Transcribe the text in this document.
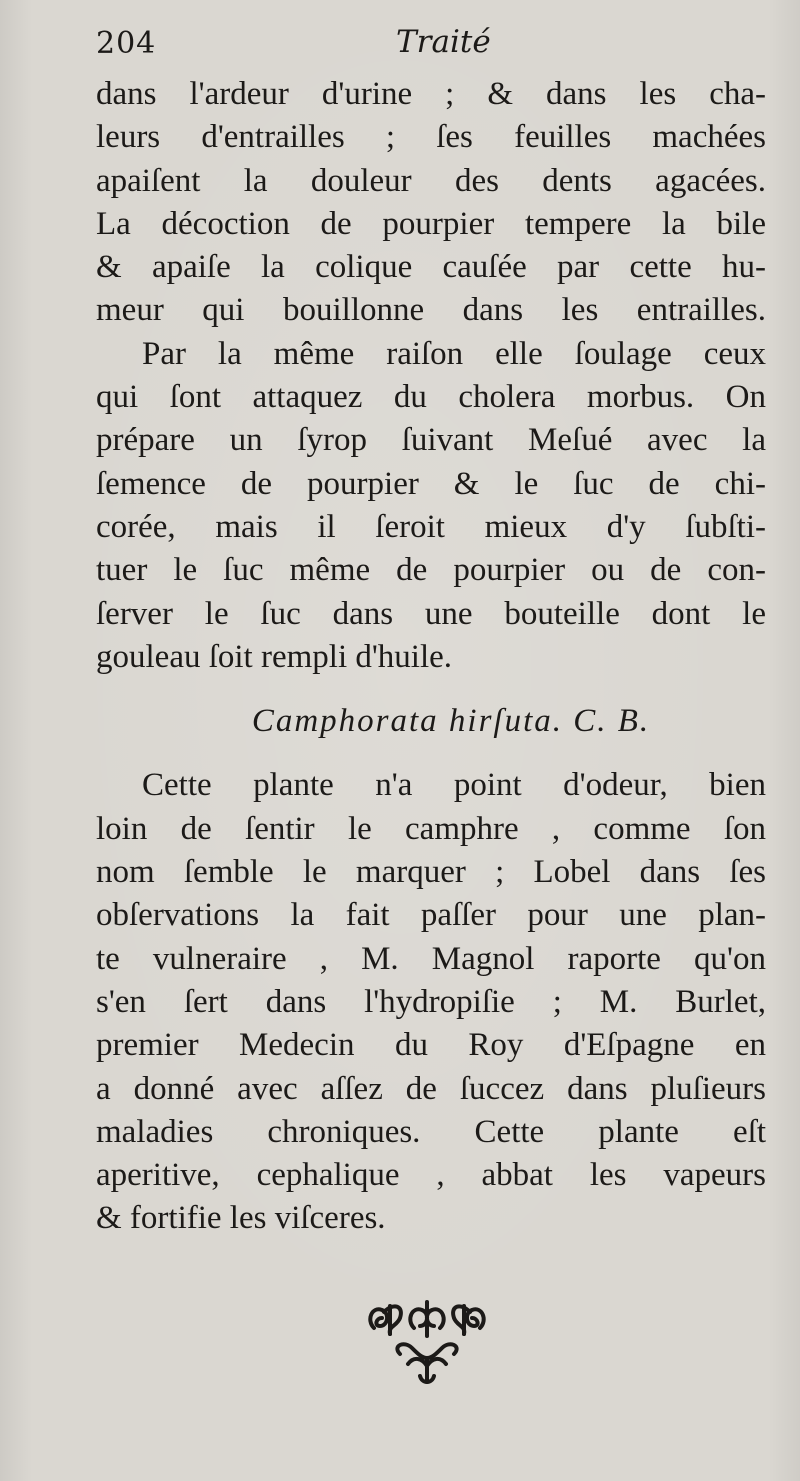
204	Traité
dans l'ardeur d'urine ; & dans les cha-
leurs d'entrailles ; ſes feuilles machées
apaiſent la douleur des dents agacées.
La décoction de pourpier tempere la bile
& apaiſe la colique cauſée par cette hu-
meur qui bouillonne dans les entrailles.
Par la même raiſon elle ſoulage ceux
qui ſont attaquez du cholera morbus. On
prépare un ſyrop ſuivant Meſué avec la
ſemence de pourpier & le ſuc de chi-
corée, mais il ſeroit mieux d'y ſubſti-
tuer le ſuc même de pourpier ou de con-
ſerver le ſuc dans une bouteille dont le
gouleau ſoit rempli d'huile.
Camphorata hirſuta. C. B.
Cette plante n'a point d'odeur, bien
loin de ſentir le camphre , comme ſon
nom ſemble le marquer ; Lobel dans ſes
obſervations la fait paſſer pour une plan-
te vulneraire , M. Magnol raporte qu'on
s'en ſert dans l'hydropiſie ; M. Burlet,
premier Medecin du Roy d'Eſpagne en
a donné avec aſſez de ſuccez dans pluſieurs
maladies chroniques. Cette plante eſt
aperitive, cephalique , abbat les vapeurs
& fortifie les viſceres.
